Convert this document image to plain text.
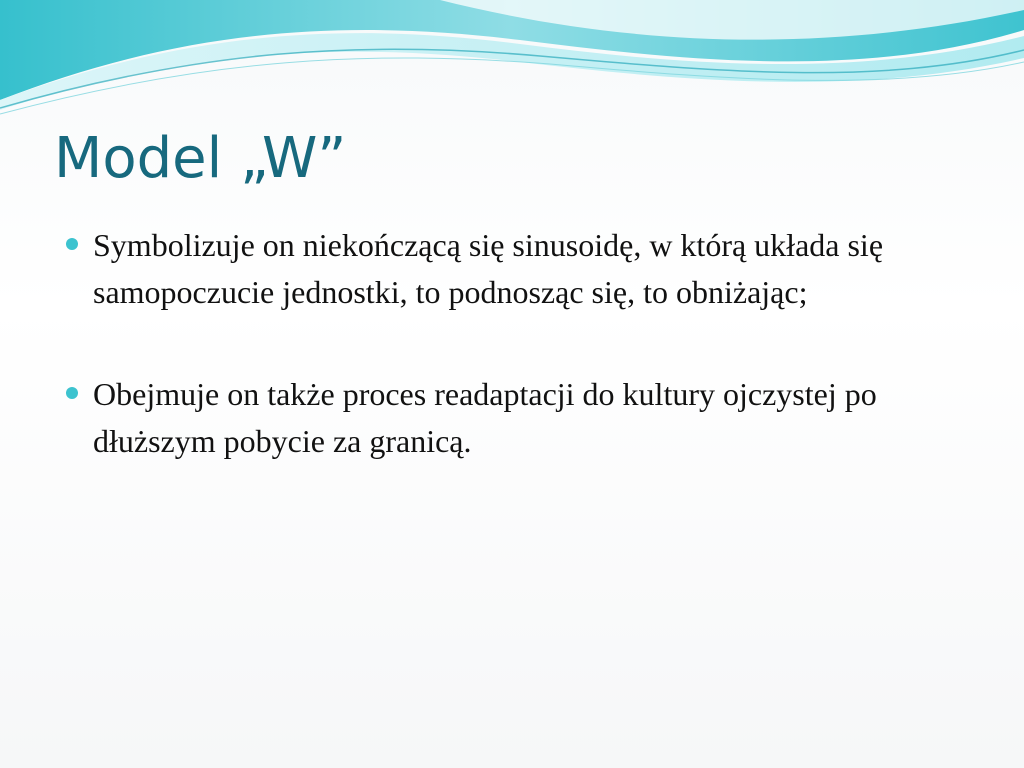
Model „W”
Symbolizuje on niekończącą się sinusoidę, w którą układa się samopoczucie jednostki, to podnosząc się, to obniżając;
Obejmuje on także proces readaptacji do kultury ojczystej po dłuższym pobycie za granicą.
